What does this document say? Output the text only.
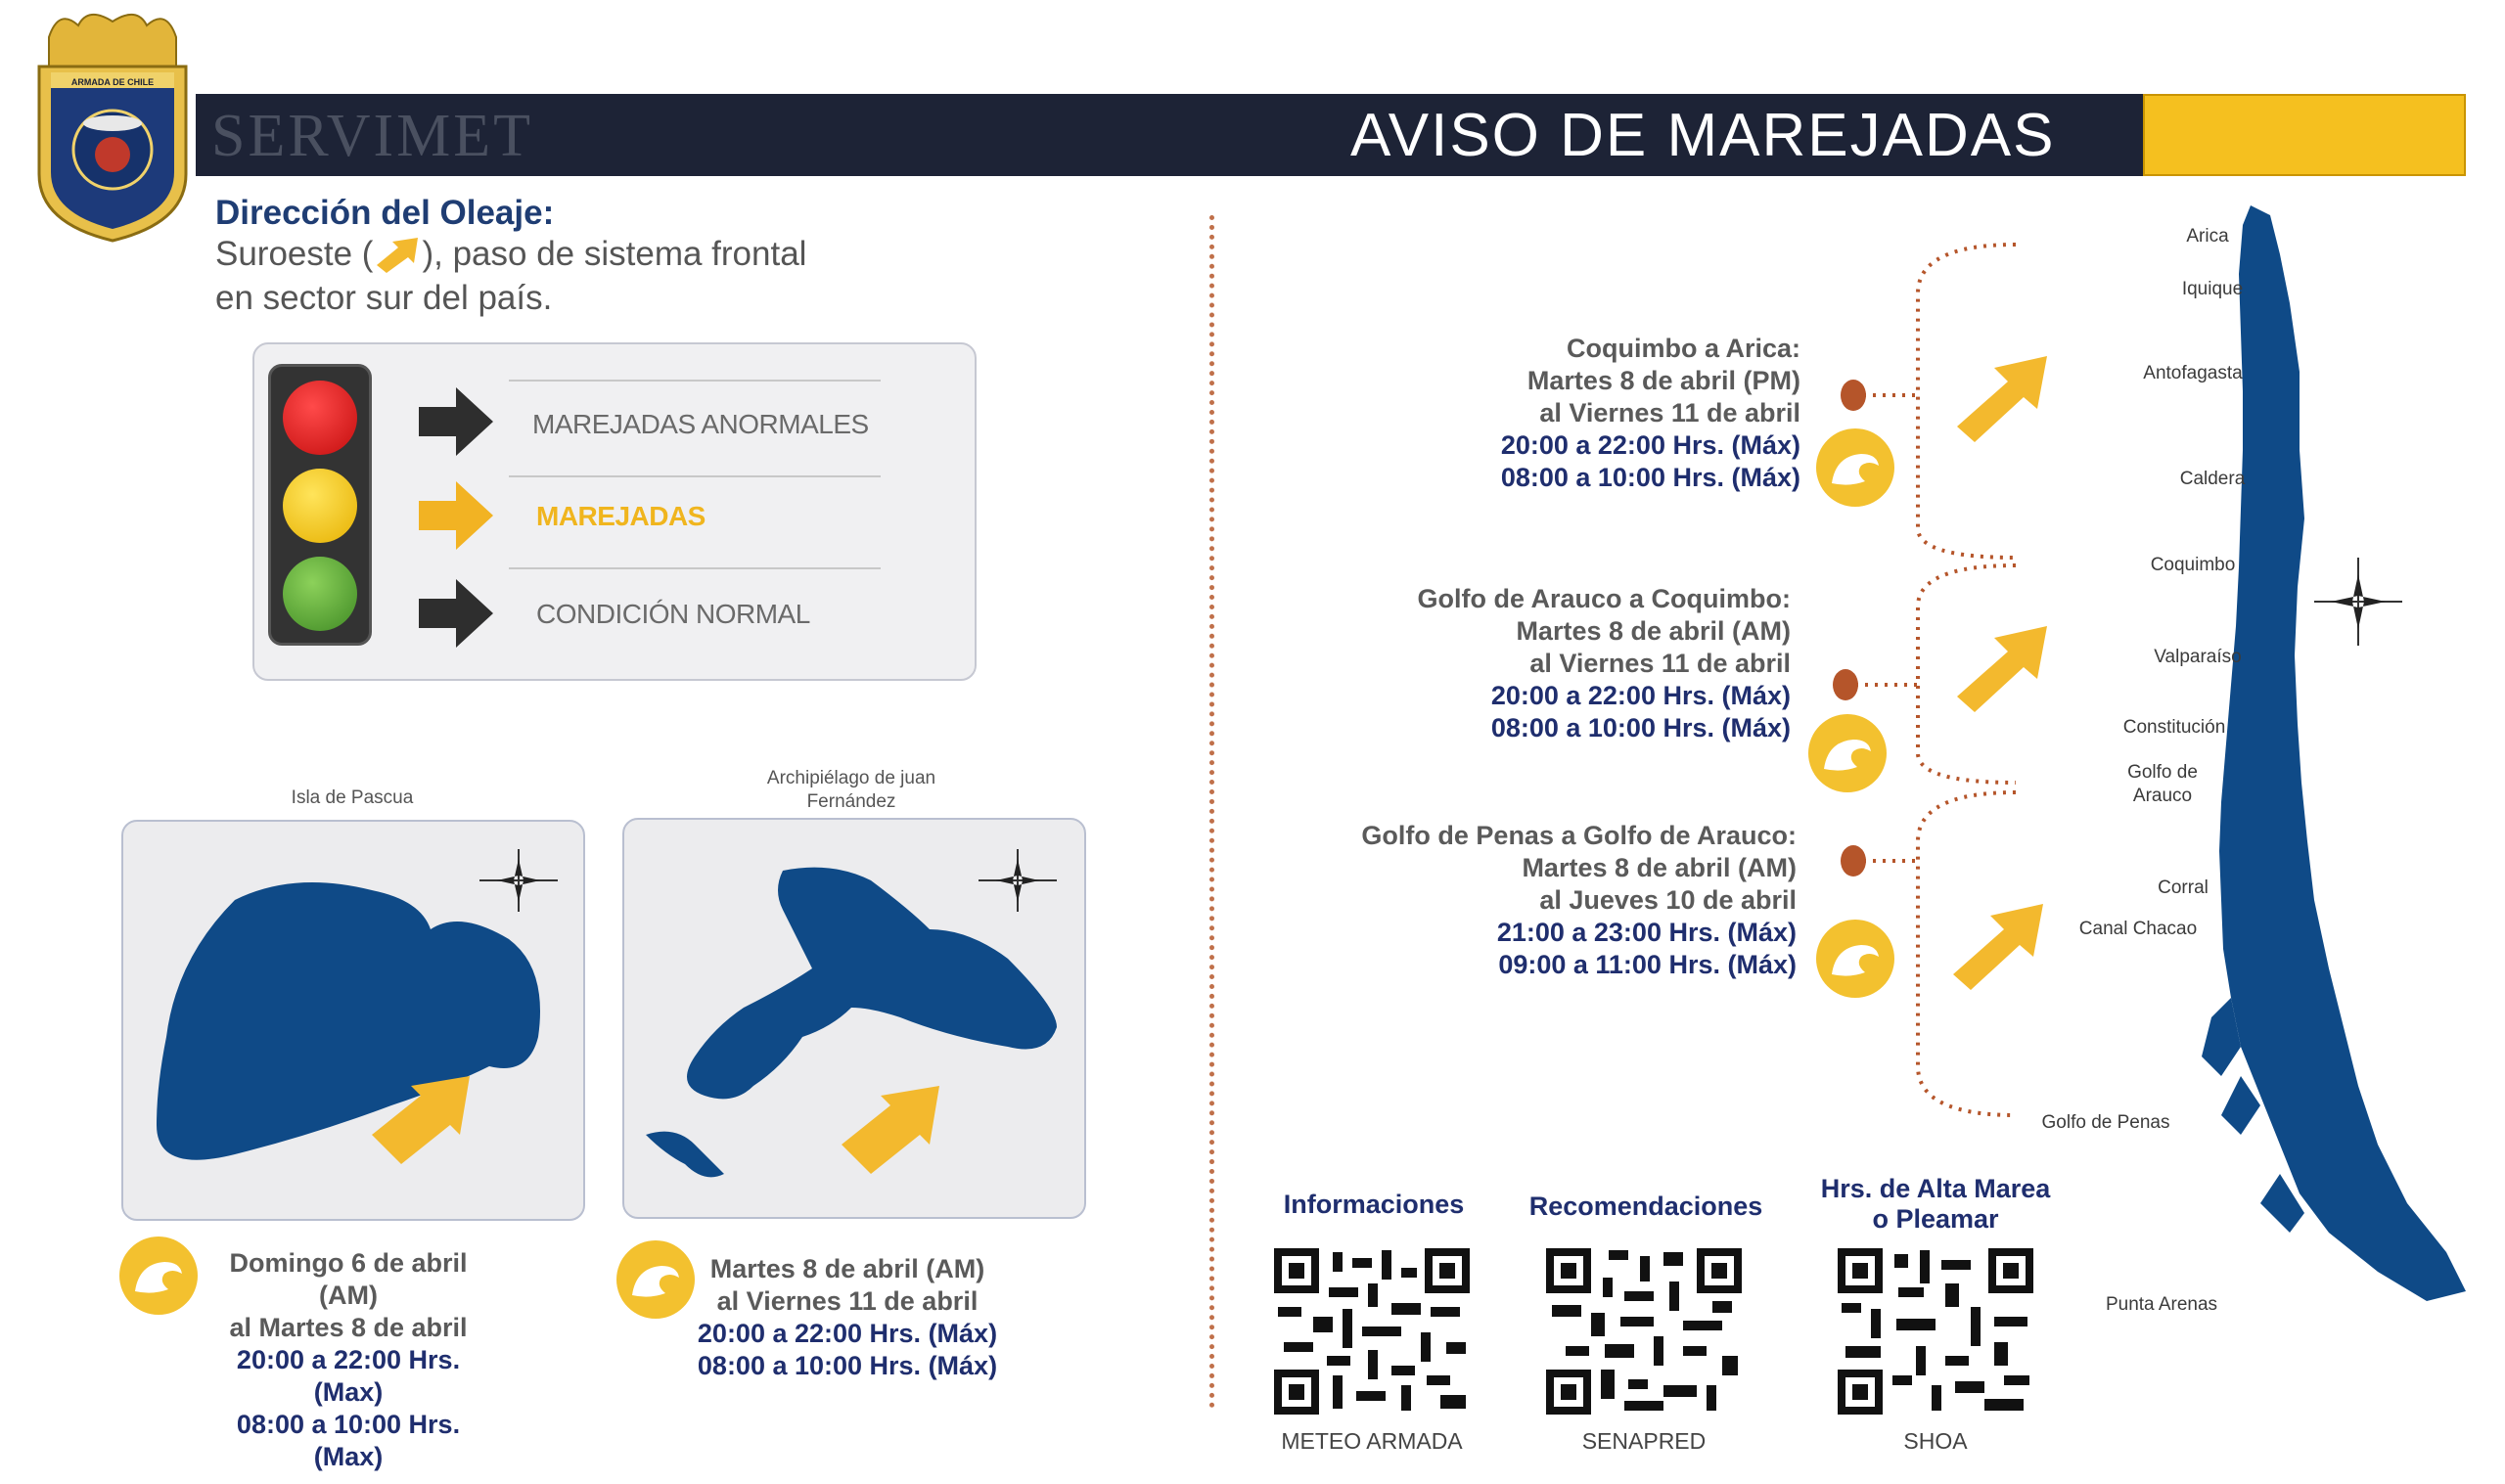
SERVIMET	AVISO DE MAREJADAS
ARMADA DE CHILE
Dirección del Oleaje:
Suroeste ( ), paso de sistema frontal
en sector sur del país.
MAREJADAS ANORMALES
MAREJADAS
CONDICIÓN NORMAL
Isla de Pascua
Domingo 6 de abril (AM)
al Martes 8 de abril
20:00 a 22:00 Hrs. (Max)
08:00 a 10:00 Hrs. (Max)
Archipiélago de juan
Fernández
Martes 8 de abril (AM)
al Viernes 11 de abril
20:00 a 22:00 Hrs. (Máx)
08:00 a 10:00 Hrs. (Máx)
Coquimbo a Arica:
Martes 8 de abril (PM)
al Viernes 11 de abril
20:00 a 22:00 Hrs. (Máx)
08:00 a 10:00 Hrs. (Máx)
Golfo de Arauco a Coquimbo:
Martes 8 de abril (AM)
al Viernes 11 de abril
20:00 a 22:00 Hrs. (Máx)
08:00 a 10:00 Hrs. (Máx)
Golfo de Penas a Golfo de Arauco:
Martes 8 de abril (AM)
al Jueves 10 de abril
21:00 a 23:00 Hrs. (Máx)
09:00 a 11:00 Hrs. (Máx)
Arica
Iquique
Antofagasta
Caldera
Coquimbo
Valparaíso
Constitución
Golfo de
Arauco
Corral
Canal Chacao
Golfo de Penas
Punta Arenas
Informaciones	Recomendaciones
Hrs. de Alta Marea
o Pleamar
METEO ARMADA	SENAPRED	SHOA
